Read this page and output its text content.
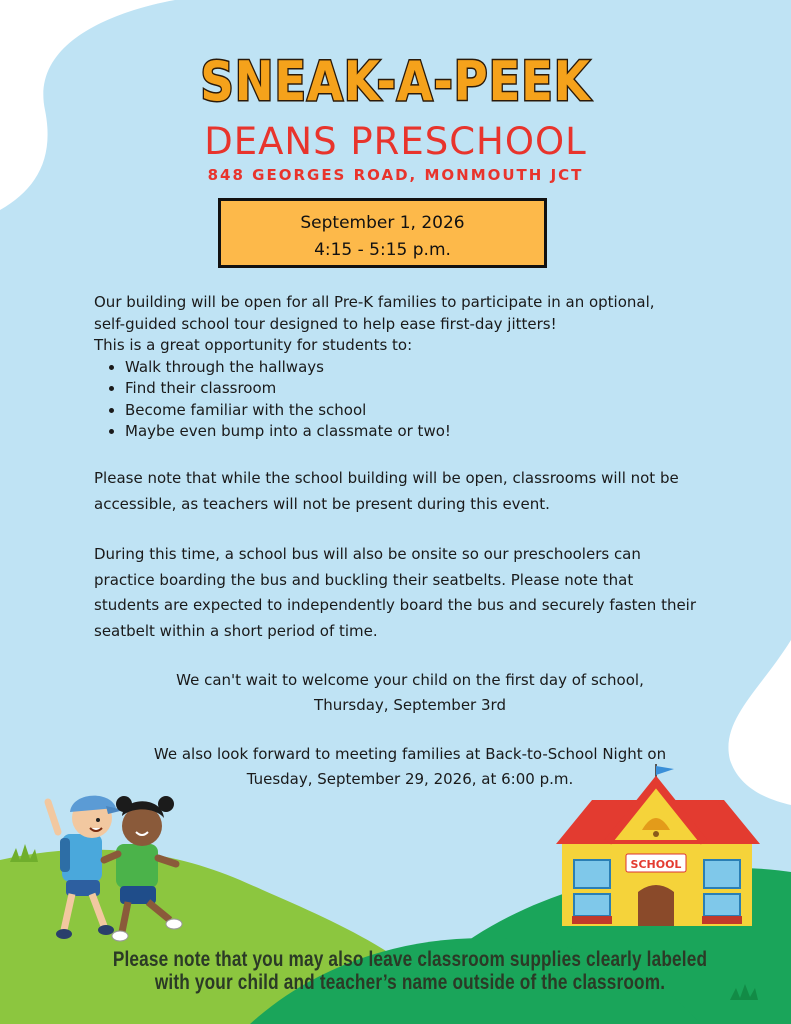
SNEAK-A-PEEK
DEANS PRESCHOOL
848 GEORGES ROAD, MONMOUTH JCT
September 1, 2026
4:15 - 5:15 p.m.
Our building will be open for all Pre-K families to participate in an optional,
self-guided school tour designed to help ease first-day jitters!
This is a great opportunity for students to:
• Walk through the hallways
• Find their classroom
• Become familiar with the school
• Maybe even bump into a classmate or two!
Please note that while the school building will be open, classrooms will not be
accessible, as teachers will not be present during this event.
During this time, a school bus will also be onsite so our preschoolers can
practice boarding the bus and buckling their seatbelts. Please note that
students are expected to independently board the bus and securely fasten their
seatbelt within a short period of time.
We can't wait to welcome your child on the first day of school,
Thursday, September 3rd
We also look forward to meeting families at Back-to-School Night on
Tuesday, September 29, 2026, at 6:00 p.m.
SCHOOL
Please note that you may also leave classroom supplies clearly labeled
with your child and teacher’s name outside of the classroom.
